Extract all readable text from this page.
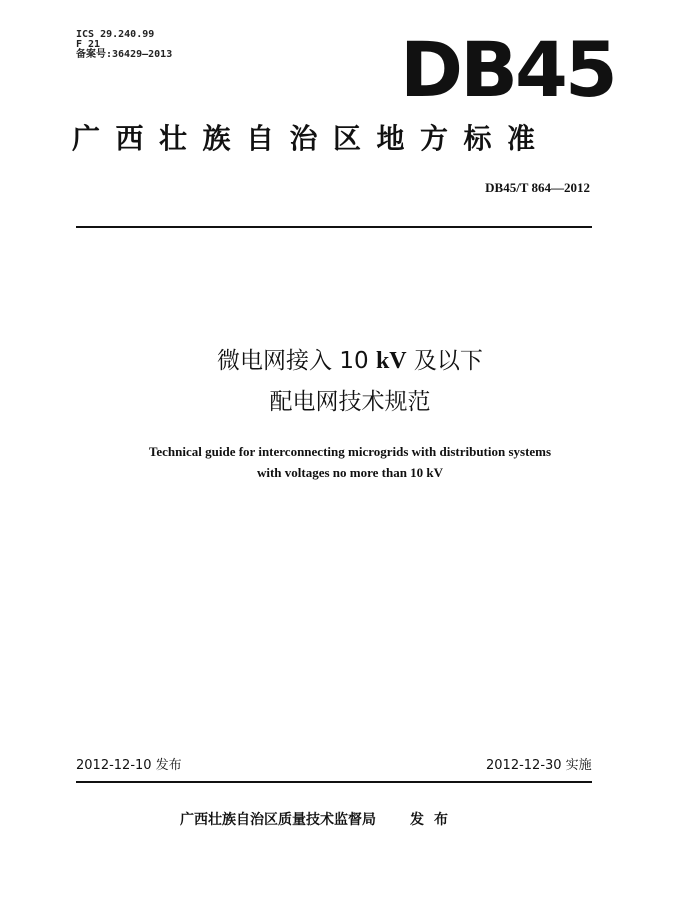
ICS 29.240.99
F 21
备案号:36429—2013	DB45
广西壮族自治区地方标准
DB45/T 864—2012
微电网接入 10 kV 及以下
配电网技术规范
Technical guide for interconnecting microgrids with distribution systems
with voltages no more than 10 kV
2012-12-10 发布	2012-12-30 实施
广西壮族自治区质量技术监督局 发布
